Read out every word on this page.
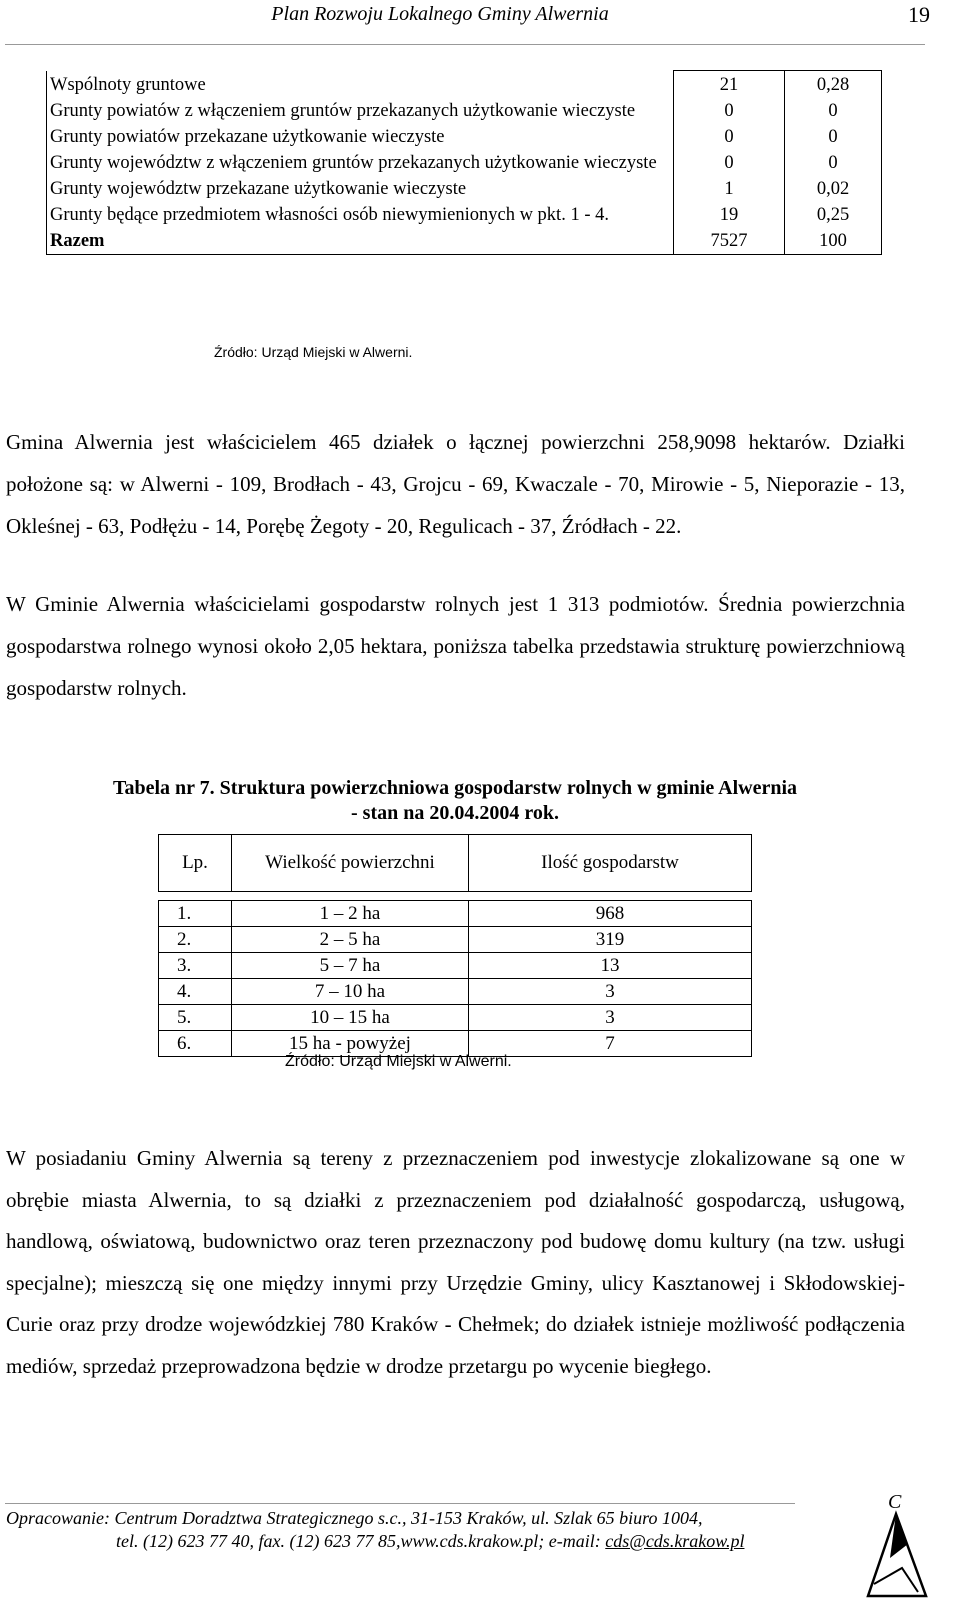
Plan Rozwoju Lokalnego Gminy Alwernia	19
Wspólnoty gruntowe	21	0,28
Grunty powiatów z włączeniem gruntów przekazanych użytkowanie wieczyste	0	0
Grunty powiatów przekazane użytkowanie wieczyste	0	0
Grunty województw z włączeniem gruntów przekazanych użytkowanie wieczyste	0	0
Grunty województw przekazane użytkowanie wieczyste	1	0,02
Grunty będące przedmiotem własności osób niewymienionych w pkt. 1 - 4.	19	0,25
Razem	7527	100
Źródło: Urząd Miejski w Alwerni.

Gmina Alwernia jest właścicielem 465 działek o łącznej powierzchni 258,9098 hektarów. Działki położone są: w Alwerni - 109, Brodłach - 43, Grojcu - 69, Kwaczale - 70, Mirowie - 5, Nieporazie - 13, Okleśnej - 63, Podłężu - 14, Porębę Żegoty - 20, Regulicach - 37, Źródłach - 22.

W Gminie Alwernia właścicielami gospodarstw rolnych jest 1 313 podmiotów. Średnia powierzchnia gospodarstwa rolnego wynosi około 2,05 hektara, poniższa tabelka przedstawia strukturę powierzchniową gospodarstw rolnych.

Tabela nr 7. Struktura powierzchniowa gospodarstw rolnych w gminie Alwernia
- stan na 20.04.2004 rok.
Lp.	Wielkość powierzchni	Ilość gospodarstw

1.	1 – 2 ha	968
2.	2 – 5 ha	319
3.	5 – 7 ha	13
4.	7 – 10 ha	3
5.	10 – 15 ha	3
6.	15 ha - powyżej	7
Źródło: Urząd Miejski w Alwerni.

W posiadaniu Gminy Alwernia są tereny z przeznaczeniem pod inwestycje zlokalizowane są one w obrębie miasta Alwernia, to są działki z przeznaczeniem pod działalność gospodarczą, usługową, handlową, oświatową, budownictwo oraz teren przeznaczony pod budowę domu kultury (na tzw. usługi specjalne); mieszczą się one między innymi przy Urzędzie Gminy, ulicy Kasztanowej i Skłodowskiej-Curie oraz przy drodze wojewódzkiej 780 Kraków - Chełmek; do działek istnieje możliwość podłączenia mediów, sprzedaż przeprowadzona będzie w drodze przetargu po wycenie biegłego.

Opracowanie: Centrum Doradztwa Strategicznego s.c., 31-153 Kraków, ul. Szlak 65 biuro 1004,
tel. (12) 623 77 40, fax. (12) 623 77 85,www.cds.krakow.pl; e-mail: cds@cds.krakow.pl
C
